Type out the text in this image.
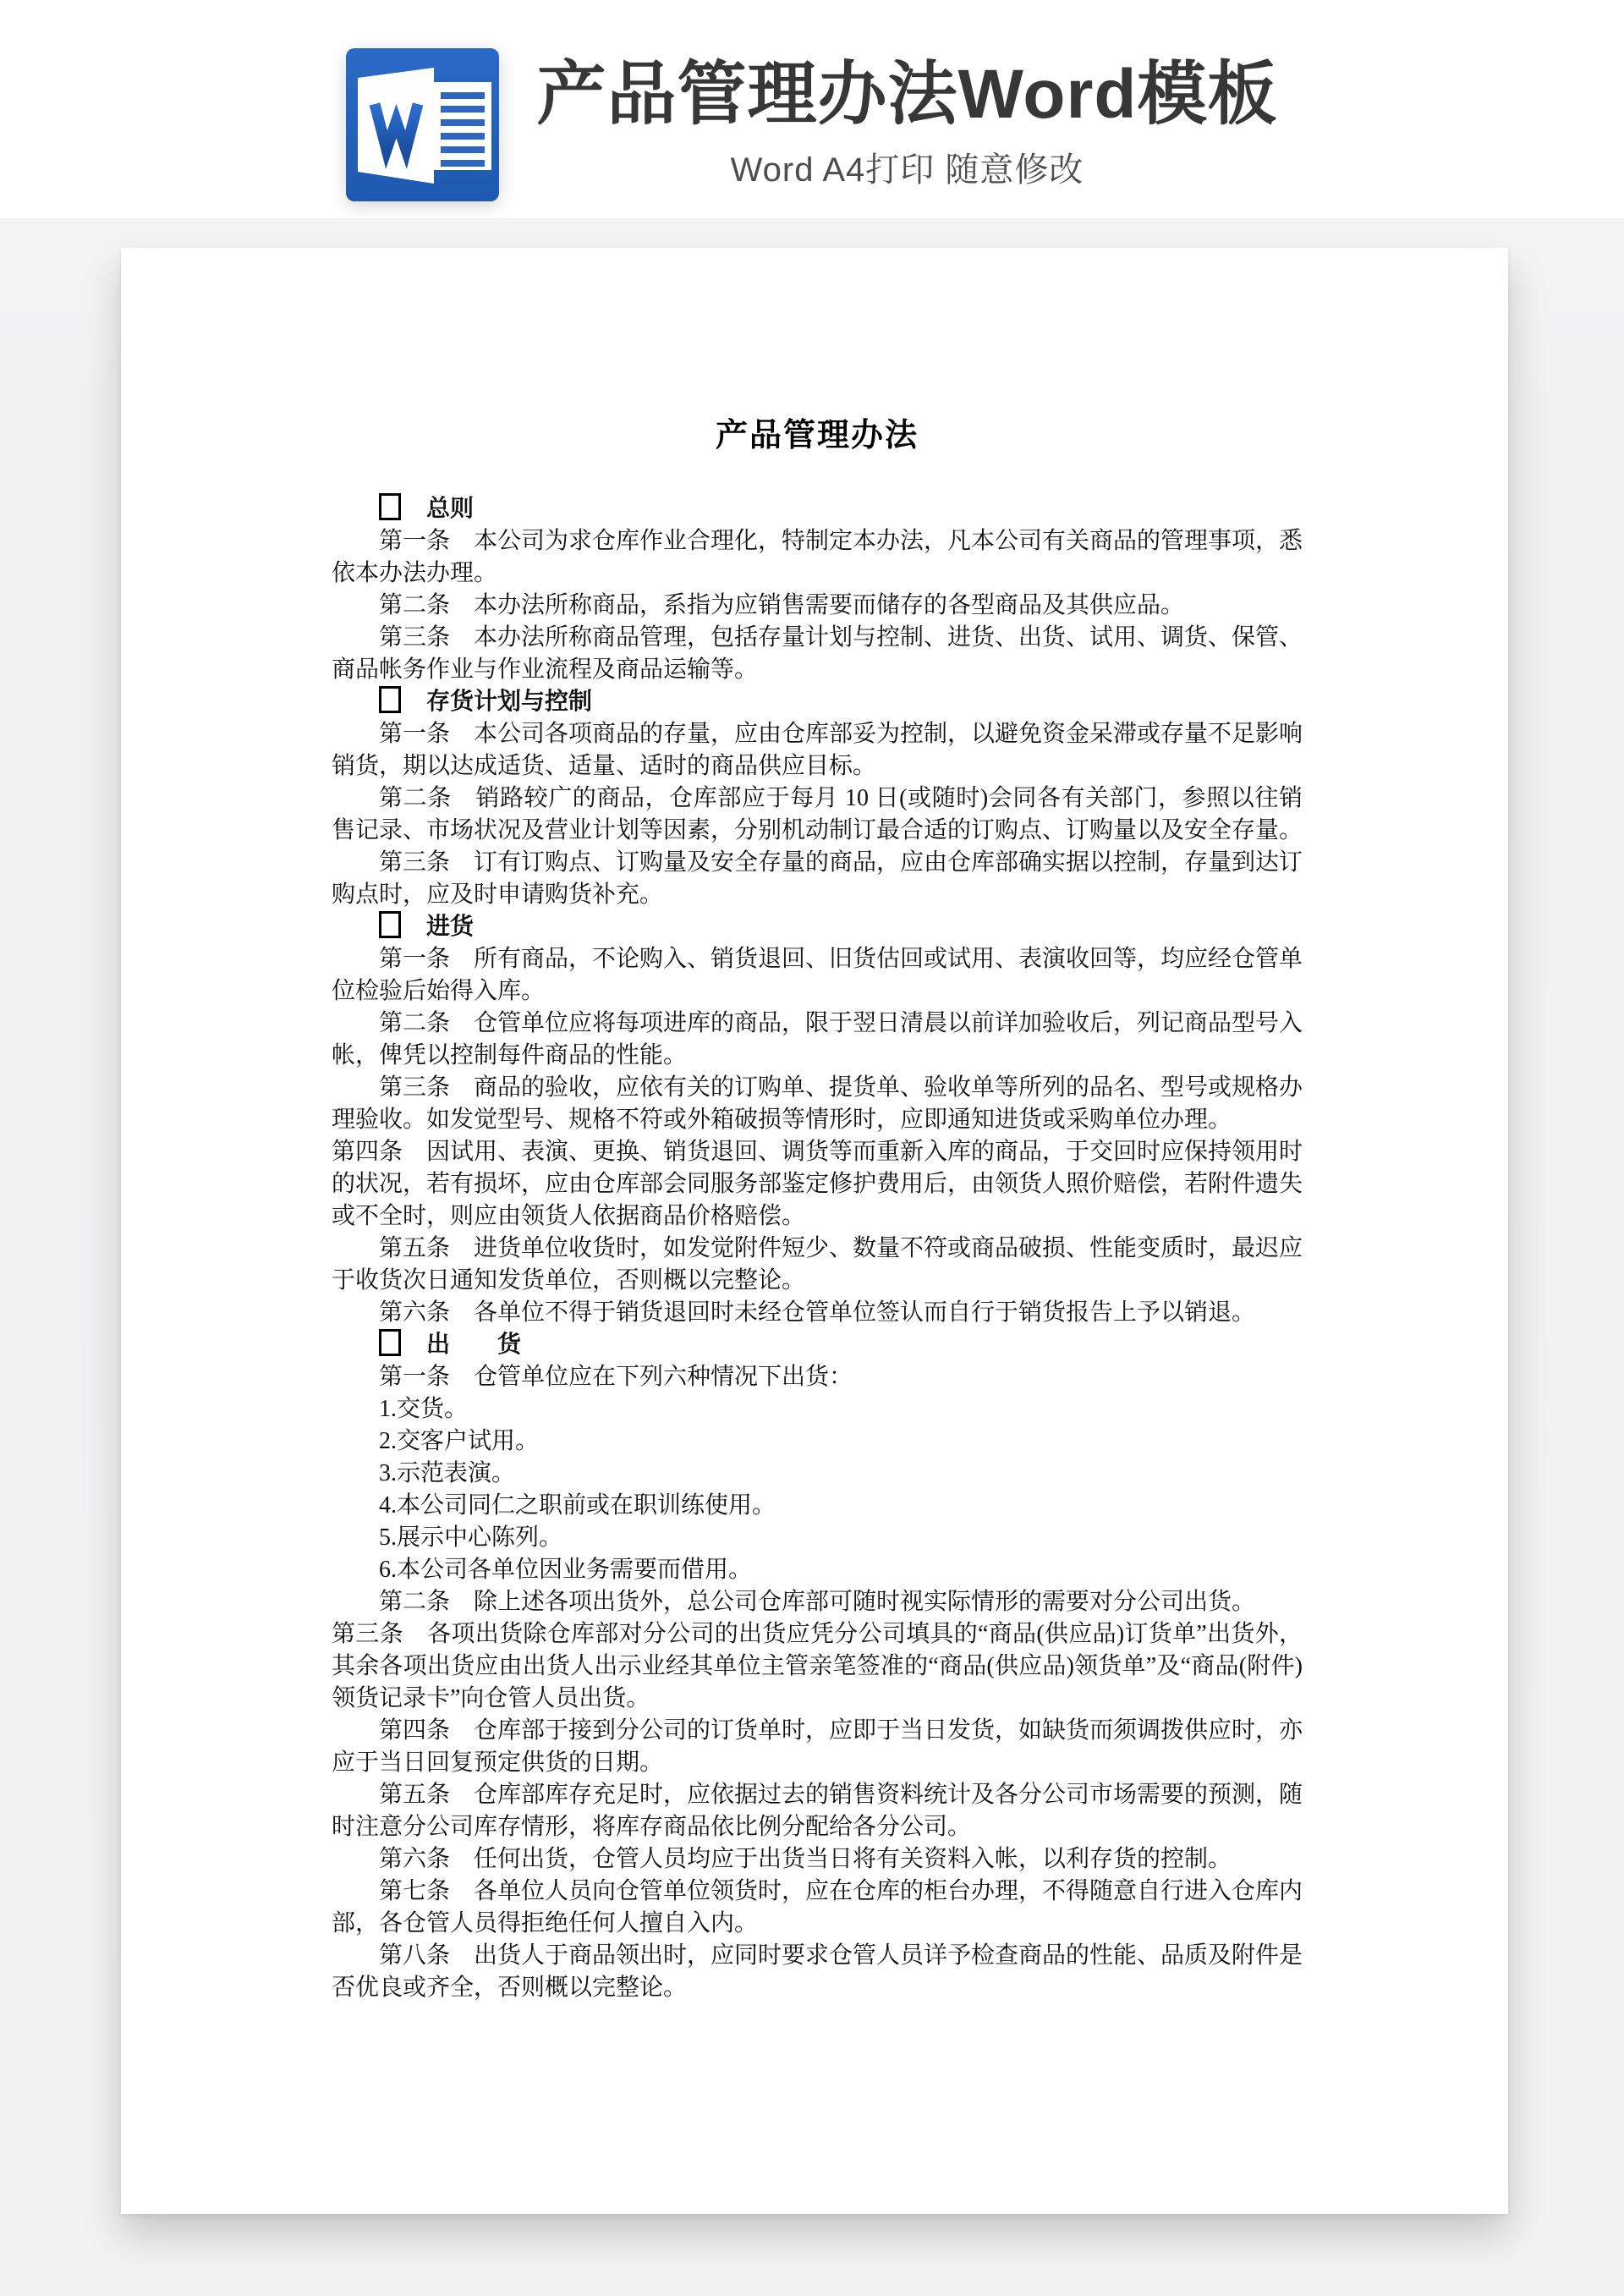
产品管理办法Word模板
Word A4打印 随意修改
产品管理办法

总则

第一条　本公司为求仓库作业合理化，特制定本办法，凡本公司有关商品的管理事项，悉依本办法办理。

第二条　本办法所称商品，系指为应销售需要而储存的各型商品及其供应品。

第三条　本办法所称商品管理，包括存量计划与控制、进货、出货、试用、调货、保管、商品帐务作业与作业流程及商品运输等。

存货计划与控制

第一条　本公司各项商品的存量，应由仓库部妥为控制，以避免资金呆滞或存量不足影响销货，期以达成适货、适量、适时的商品供应目标。

第二条　销路较广的商品，仓库部应于每月 10 日(或随时)会同各有关部门，参照以往销售记录、市场状况及营业计划等因素，分别机动制订最合适的订购点、订购量以及安全存量。

第三条　订有订购点、订购量及安全存量的商品，应由仓库部确实据以控制，存量到达订购点时，应及时申请购货补充。

进货

第一条　所有商品，不论购入、销货退回、旧货估回或试用、表演收回等，均应经仓管单位检验后始得入库。

第二条　仓管单位应将每项进库的商品，限于翌日清晨以前详加验收后，列记商品型号入帐，俾凭以控制每件商品的性能。

第三条　商品的验收，应依有关的订购单、提货单、验收单等所列的品名、型号或规格办理验收。如发觉型号、规格不符或外箱破损等情形时，应即通知进货或采购单位办理。

第四条　因试用、表演、更换、销货退回、调货等而重新入库的商品，于交回时应保持领用时的状况，若有损坏，应由仓库部会同服务部鉴定修护费用后，由领货人照价赔偿，若附件遗失或不全时，则应由领货人依据商品价格赔偿。

第五条　进货单位收货时，如发觉附件短少、数量不符或商品破损、性能变质时，最迟应于收货次日通知发货单位，否则概以完整论。

第六条　各单位不得于销货退回时未经仓管单位签认而自行于销货报告上予以销退。

出　　货

第一条　仓管单位应在下列六种情况下出货：

1.交货。

2.交客户试用。

3.示范表演。

4.本公司同仁之职前或在职训练使用。

5.展示中心陈列。

6.本公司各单位因业务需要而借用。

第二条　除上述各项出货外，总公司仓库部可随时视实际情形的需要对分公司出货。

第三条　各项出货除仓库部对分公司的出货应凭分公司填具的“商品(供应品)订货单”出货外，其余各项出货应由出货人出示业经其单位主管亲笔签准的“商品(供应品)领货单”及“商品(附件)领货记录卡”向仓管人员出货。

第四条　仓库部于接到分公司的订货单时，应即于当日发货，如缺货而须调拨供应时，亦应于当日回复预定供货的日期。

第五条　仓库部库存充足时，应依据过去的销售资料统计及各分公司市场需要的预测，随时注意分公司库存情形，将库存商品依比例分配给各分公司。

第六条　任何出货，仓管人员均应于出货当日将有关资料入帐，以利存货的控制。

第七条　各单位人员向仓管单位领货时，应在仓库的柜台办理，不得随意自行进入仓库内部，各仓管人员得拒绝任何人擅自入内。

第八条　出货人于商品领出时，应同时要求仓管人员详予检查商品的性能、品质及附件是否优良或齐全，否则概以完整论。
